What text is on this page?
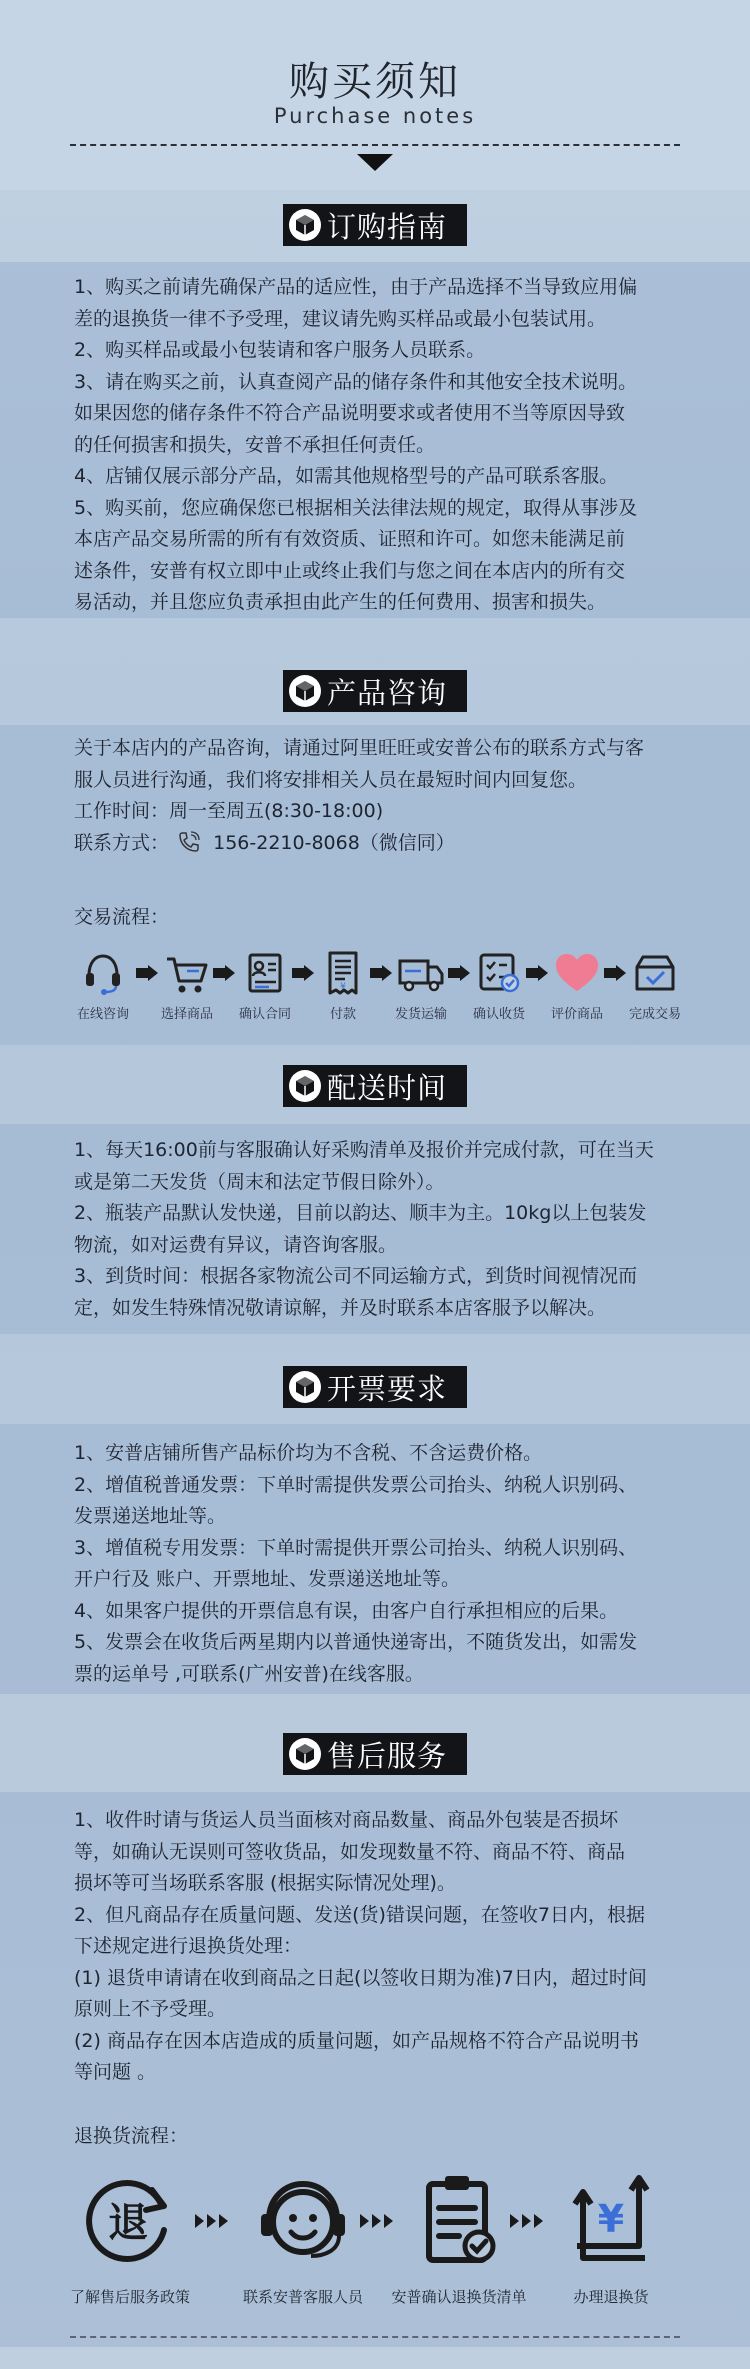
购买须知
Purchase notes
订购指南

1、购买之前请先确保产品的适应性，由于产品选择不当导致应用偏

差的退换货一律不予受理，建议请先购买样品或最小包装试用。

2、购买样品或最小包装请和客户服务人员联系。

3、请在购买之前，认真查阅产品的储存条件和其他安全技术说明。

如果因您的储存条件不符合产品说明要求或者使用不当等原因导致

的任何损害和损失，安普不承担任何责任。

4、店铺仅展示部分产品，如需其他规格型号的产品可联系客服。

5、购买前，您应确保您已根据相关法律法规的规定，取得从事涉及

本店产品交易所需的所有有效资质、证照和许可。如您未能满足前

述条件，安普有权立即中止或终止我们与您之间在本店内的所有交

易活动，并且您应负责承担由此产生的任何费用、损害和损失。

产品咨询

关于本店内的产品咨询，请通过阿里旺旺或安普公布的联系方式与客

服人员进行沟通，我们将安排相关人员在最短时间内回复您。

工作时间：周一至周五(8:30-18:00)

联系方式： 156-2210-8068（微信同）

交易流程：
在线咨询	选择商品	确认合同
¥
付款	发货运输	确认收货	评价商品	完成交易
配送时间

1、每天16:00前与客服确认好采购清单及报价并完成付款，可在当天

或是第二天发货（周末和法定节假日除外）。

2、瓶装产品默认发快递，目前以韵达、顺丰为主。10kg以上包装发

物流，如对运费有异议，请咨询客服。

3、到货时间：根据各家物流公司不同运输方式，到货时间视情况而

定，如发生特殊情况敬请谅解，并及时联系本店客服予以解决。

开票要求

1、安普店铺所售产品标价均为不含税、不含运费价格。

2、增值税普通发票：下单时需提供发票公司抬头、纳税人识别码、

发票递送地址等。

3、增值税专用发票：下单时需提供开票公司抬头、纳税人识别码、

开户行及 账户、开票地址、发票递送地址等。

4、如果客户提供的开票信息有误，由客户自行承担相应的后果。

5、发票会在收货后两星期内以普通快递寄出，不随货发出，如需发

票的运单号 ,可联系(广州安普)在线客服。

售后服务

1、收件时请与货运人员当面核对商品数量、商品外包装是否损坏

等，如确认无误则可签收货品，如发现数量不符、商品不符、商品

损坏等可当场联系客服 (根据实际情况处理)。

2、但凡商品存在质量问题、发送(货)错误问题，在签收7日内，根据

下述规定进行退换货处理：

(1) 退货申请请在收到商品之日起(以签收日期为准)7日内，超过时间

原则上不予受理。

(2) 商品存在因本店造成的质量问题，如产品规格不符合产品说明书

等问题 。

退换货流程：
退
了解售后服务政策	联系安普客服人员	安普确认退换货清单
¥
办理退换货
